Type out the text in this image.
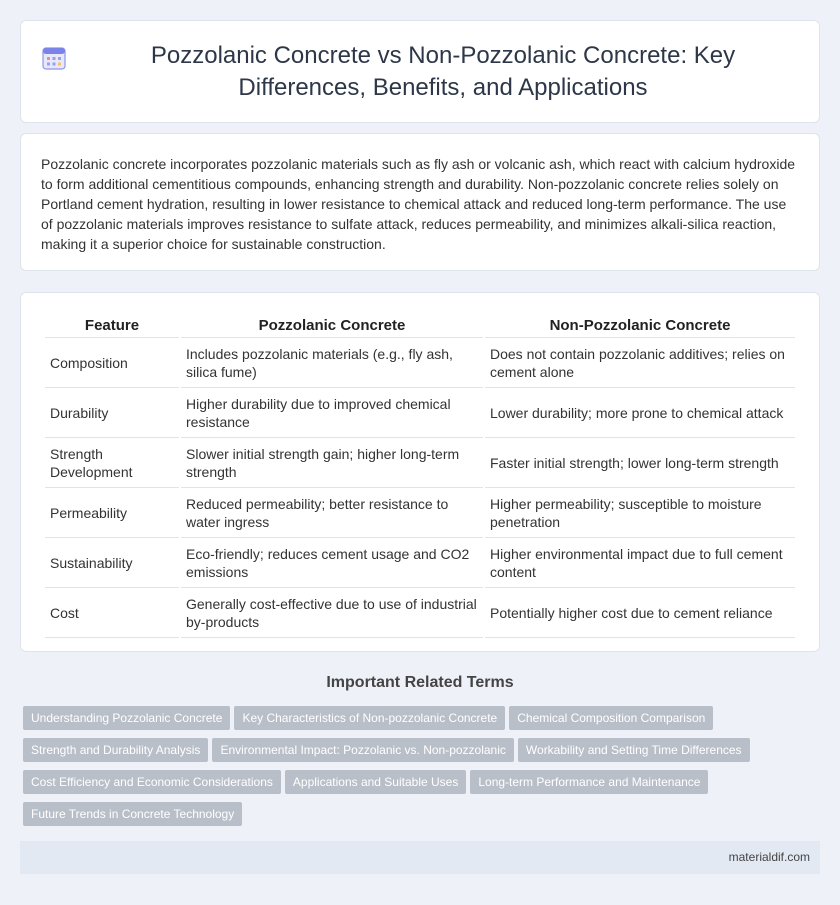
Pozzolanic Concrete vs Non-Pozzolanic Concrete: Key Differences, Benefits, and Applications

Pozzolanic concrete incorporates pozzolanic materials such as fly ash or volcanic ash, which react with calcium hydroxide to form additional cementitious compounds, enhancing strength and durability. Non-pozzolanic concrete relies solely on Portland cement hydration, resulting in lower resistance to chemical attack and reduced long-term performance. The use of pozzolanic materials improves resistance to sulfate attack, reduces permeability, and minimizes alkali-silica reaction, making it a superior choice for sustainable construction.

Feature	Pozzolanic Concrete	Non-Pozzolanic Concrete
Composition	Includes pozzolanic materials (e.g., fly ash, silica fume)	Does not contain pozzolanic additives; relies on cement alone
Durability	Higher durability due to improved chemical resistance	Lower durability; more prone to chemical attack
Strength Development	Slower initial strength gain; higher long-term strength	Faster initial strength; lower long-term strength
Permeability	Reduced permeability; better resistance to water ingress	Higher permeability; susceptible to moisture penetration
Sustainability	Eco-friendly; reduces cement usage and CO2 emissions	Higher environmental impact due to full cement content
Cost	Generally cost-effective due to use of industrial by-products	Potentially higher cost due to cement reliance
Important Related Terms
Understanding Pozzolanic Concrete Key Characteristics of Non-pozzolanic Concrete Chemical Composition ComparisonStrength and Durability Analysis Environmental Impact: Pozzolanic vs. Non-pozzolanic Workability and Setting Time DifferencesCost Efficiency and Economic Considerations Applications and Suitable Uses Long-term Performance and MaintenanceFuture Trends in Concrete Technology
materialdif.com
